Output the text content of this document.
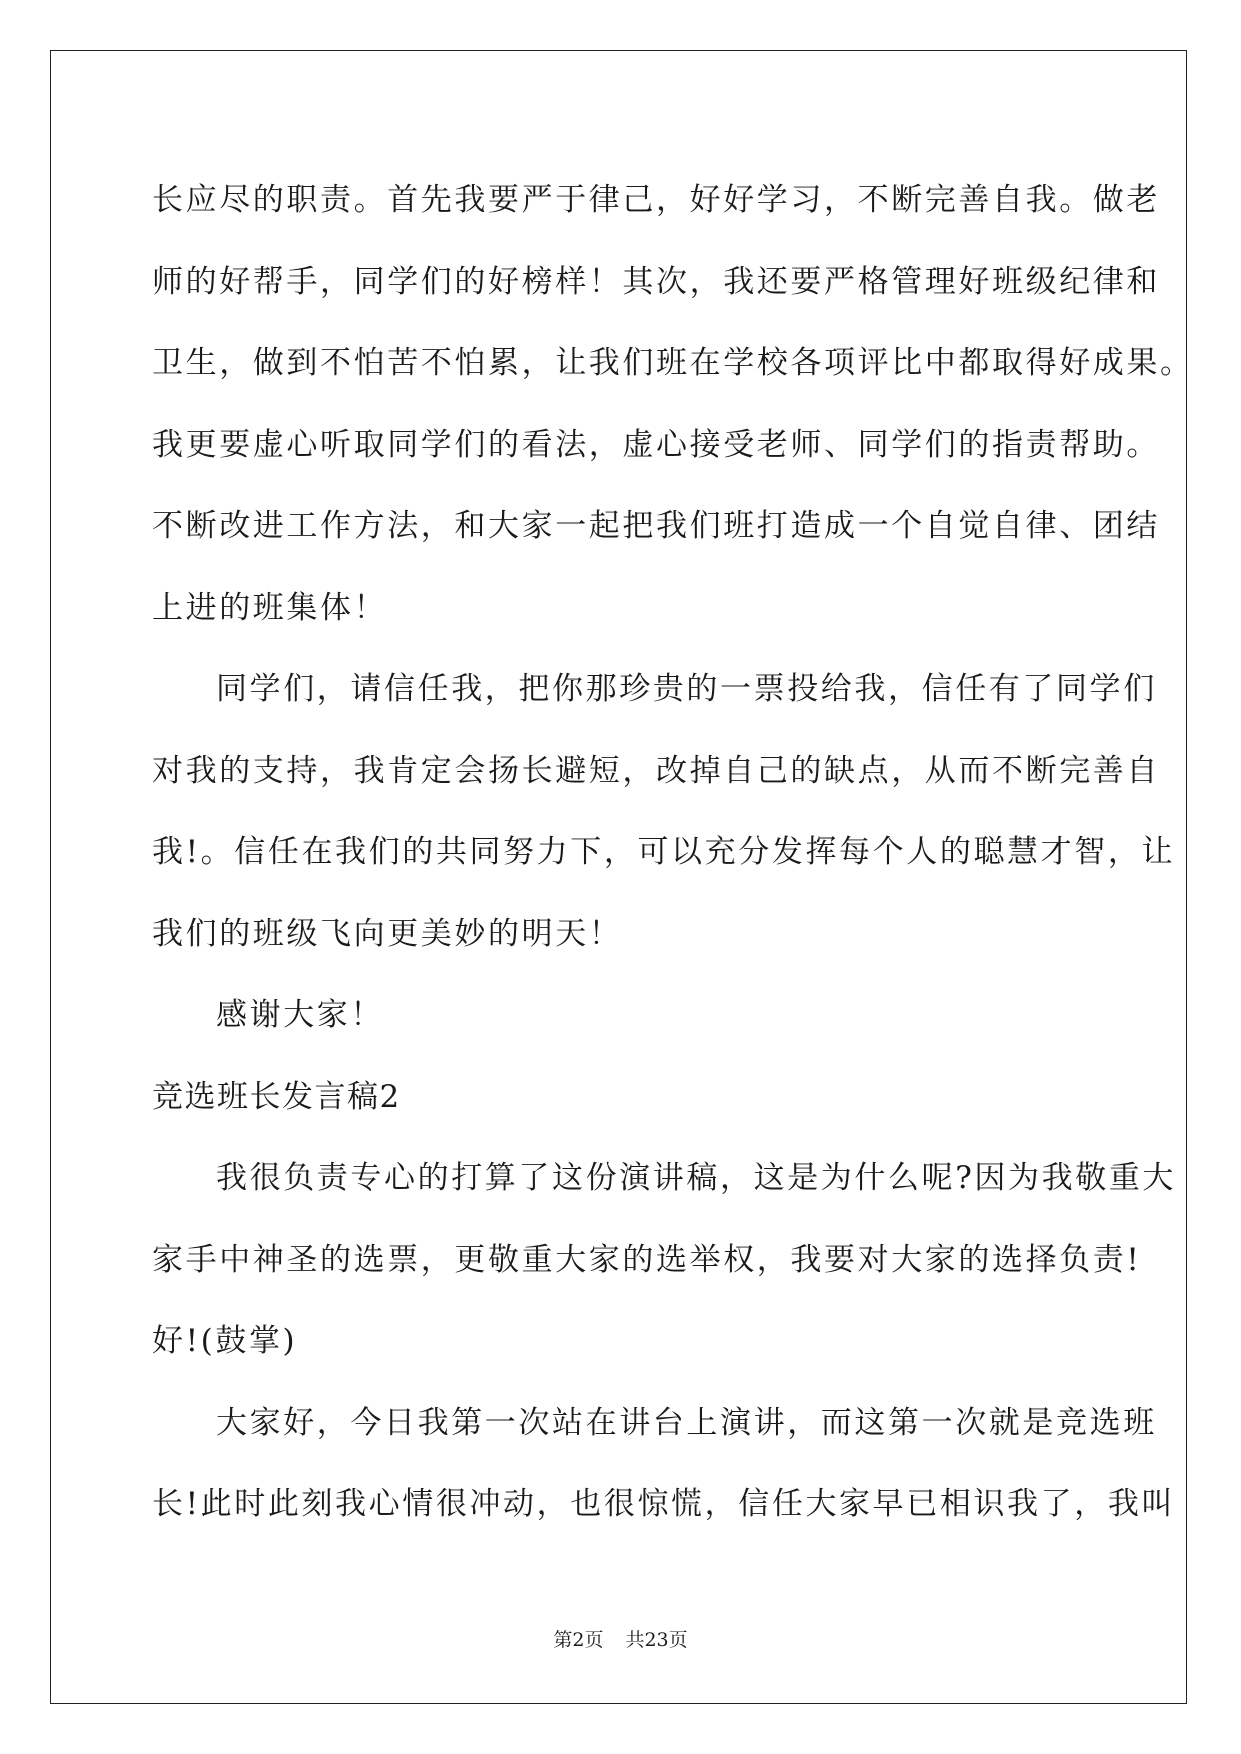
长应尽的职责。首先我要严于律己，好好学习，不断完善自我。做老
师的好帮手，同学们的好榜样！其次，我还要严格管理好班级纪律和
卫生，做到不怕苦不怕累，让我们班在学校各项评比中都取得好成果。
我更要虚心听取同学们的看法，虚心接受老师、同学们的指责帮助。
不断改进工作方法，和大家一起把我们班打造成一个自觉自律、团结
上进的班集体！
同学们，请信任我，把你那珍贵的一票投给我，信任有了同学们
对我的支持，我肯定会扬长避短，改掉自己的缺点，从而不断完善自
我!。信任在我们的共同努力下，可以充分发挥每个人的聪慧才智，让
我们的班级飞向更美妙的明天！
感谢大家！
竞选班长发言稿2
我很负责专心的打算了这份演讲稿，这是为什么呢?因为我敬重大
家手中神圣的选票，更敬重大家的选举权，我要对大家的选择负责!
好!(鼓掌)
大家好，今日我第一次站在讲台上演讲，而这第一次就是竞选班
长!此时此刻我心情很冲动，也很惊慌，信任大家早已相识我了，我叫
第2页 共23页
